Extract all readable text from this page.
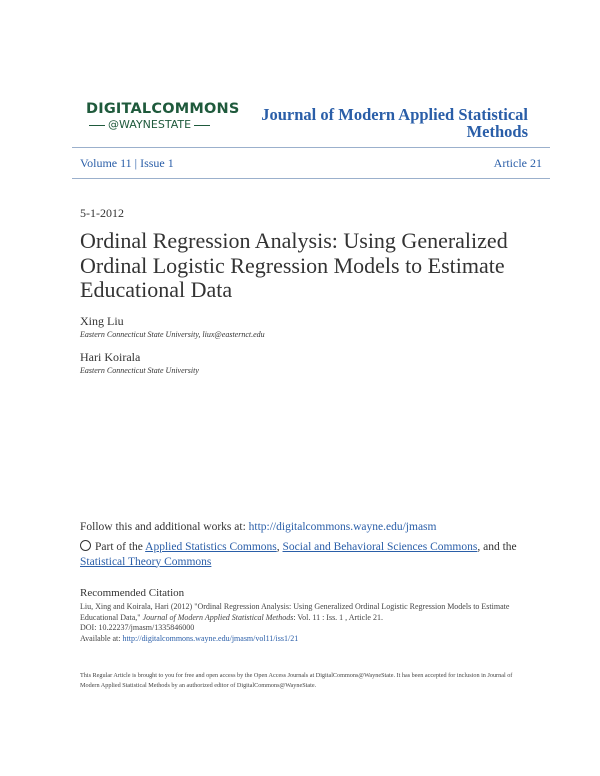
DIGITALCOMMONS
@WAYNESTATE
Journal of Modern Applied Statistical
Methods
Volume 11 | Issue 1	Article 21
5-1-2012
Ordinal Regression Analysis: Using Generalized Ordinal Logistic Regression Models to Estimate Educational Data
Xing Liu
Eastern Connecticut State University, liux@easternct.edu
Hari Koirala
Eastern Connecticut State University
Follow this and additional works at: http://digitalcommons.wayne.edu/jmasm
Part of the Applied Statistics Commons, Social and Behavioral Sciences Commons, and the Statistical Theory Commons
Recommended Citation
Liu, Xing and Koirala, Hari (2012) "Ordinal Regression Analysis: Using Generalized Ordinal Logistic Regression Models to Estimate Educational Data," Journal of Modern Applied Statistical Methods: Vol. 11 : Iss. 1 , Article 21.
DOI: 10.22237/jmasm/1335846000
Available at: http://digitalcommons.wayne.edu/jmasm/vol11/iss1/21
This Regular Article is brought to you for free and open access by the Open Access Journals at DigitalCommons@WayneState. It has been accepted for inclusion in Journal of Modern Applied Statistical Methods by an authorized editor of DigitalCommons@WayneState.
